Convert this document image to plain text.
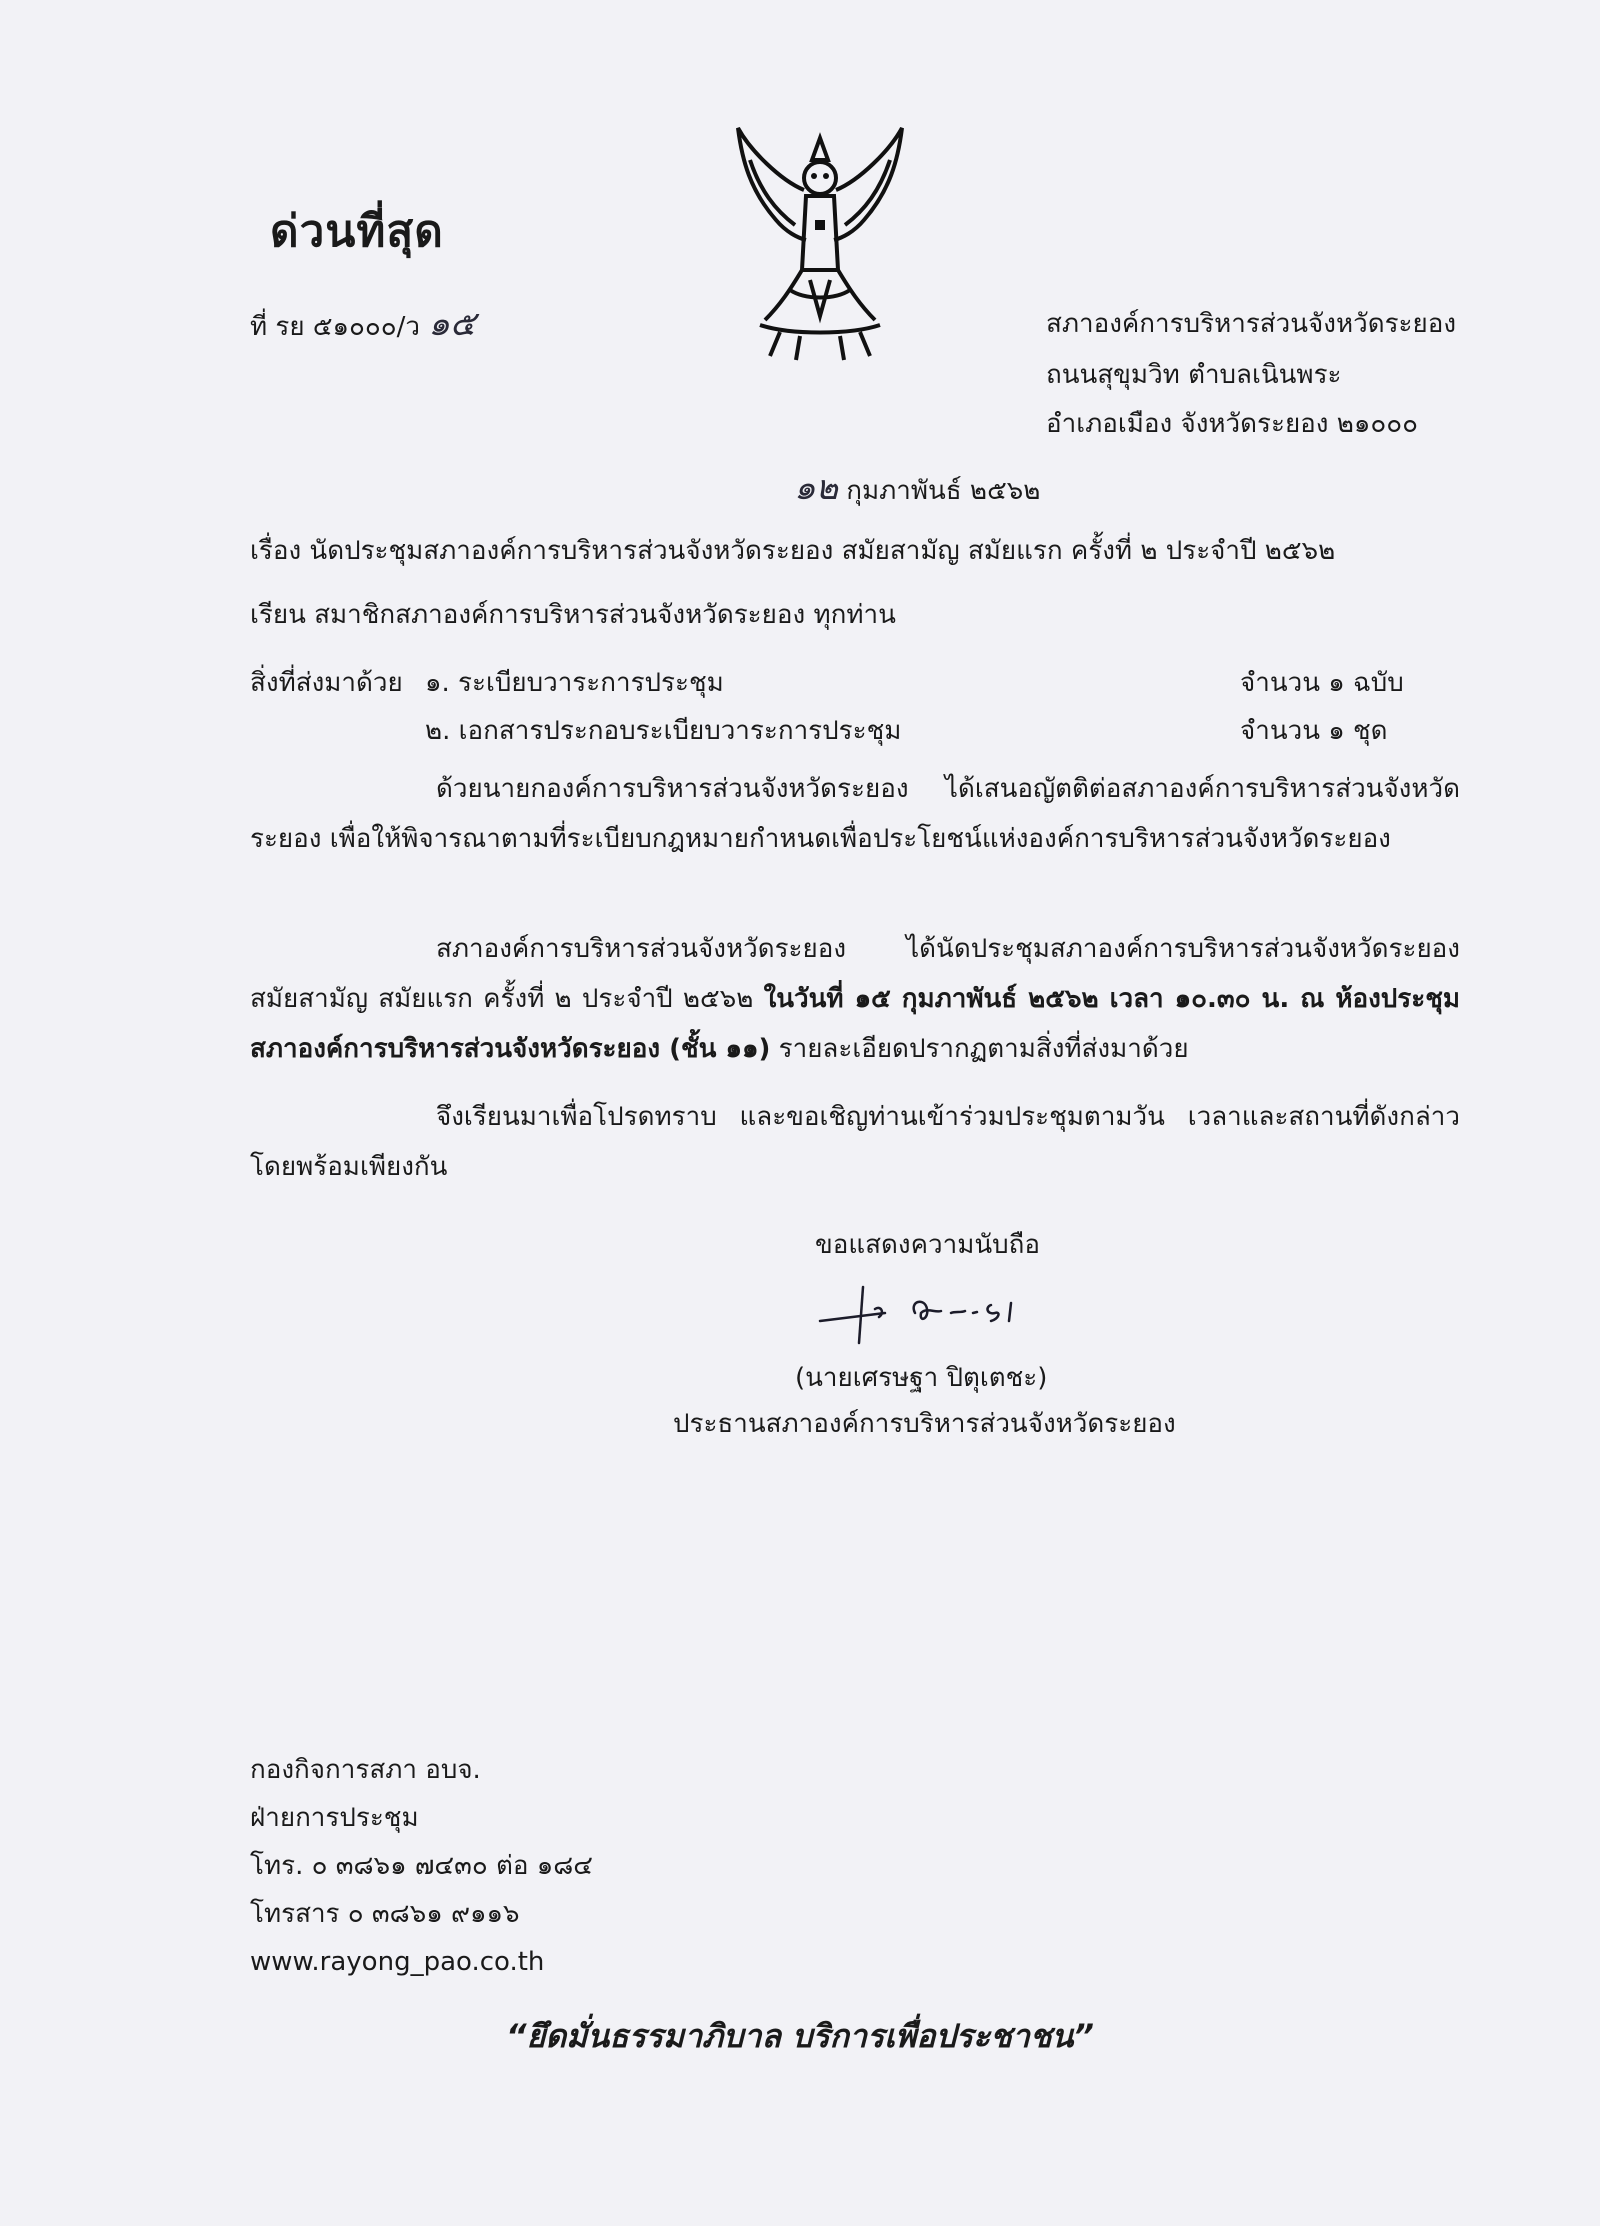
ด่วนที่สุด
ที่ รย ๕๑๐๐๐/ว ๑๕	สภาองค์การบริหารส่วนจังหวัดระยอง
ถนนสุขุมวิท ตำบลเนินพระ
อำเภอเมือง จังหวัดระยอง ๒๑๐๐๐
๑๒ กุมภาพันธ์ ๒๕๖๒
เรื่อง นัดประชุมสภาองค์การบริหารส่วนจังหวัดระยอง สมัยสามัญ สมัยแรก ครั้งที่ ๒ ประจำปี ๒๕๖๒
เรียน สมาชิกสภาองค์การบริหารส่วนจังหวัดระยอง ทุกท่าน
สิ่งที่ส่งมาด้วย ๑. ระเบียบวาระการประชุม
๒. เอกสารประกอบระเบียบวาระการประชุม
จำนวน ๑ ฉบับ
จำนวน ๑ ชุด
ด้วยนายกองค์การบริหารส่วนจังหวัดระยอง ได้เสนอญัตติต่อสภาองค์การบริหารส่วนจังหวัดระยอง เพื่อให้พิจารณาตามที่ระเบียบกฎหมายกำหนดเพื่อประโยชน์แห่งองค์การบริหารส่วนจังหวัดระยอง
สภาองค์การบริหารส่วนจังหวัดระยอง ได้นัดประชุมสภาองค์การบริหารส่วนจังหวัดระยอง สมัยสามัญ สมัยแรก ครั้งที่ ๒ ประจำปี ๒๕๖๒ ในวันที่ ๑๕ กุมภาพันธ์ ๒๕๖๒ เวลา ๑๐.๓๐ น. ณ ห้องประชุมสภาองค์การบริหารส่วนจังหวัดระยอง (ชั้น ๑๑) รายละเอียดปรากฏตามสิ่งที่ส่งมาด้วย
จึงเรียนมาเพื่อโปรดทราบ และขอเชิญท่านเข้าร่วมประชุมตามวัน เวลาและสถานที่ดังกล่าว โดยพร้อมเพียงกัน
ขอแสดงความนับถือ
(นายเศรษฐา ปิตุเตชะ)
ประธานสภาองค์การบริหารส่วนจังหวัดระยอง
กองกิจการสภา อบจ.
ฝ่ายการประชุม
โทร. ๐ ๓๘๖๑ ๗๔๓๐ ต่อ ๑๘๔
โทรสาร ๐ ๓๘๖๑ ๙๑๑๖
www.rayong_pao.co.th
“ยึดมั่นธรรมาภิบาล บริการเพื่อประชาชน”
